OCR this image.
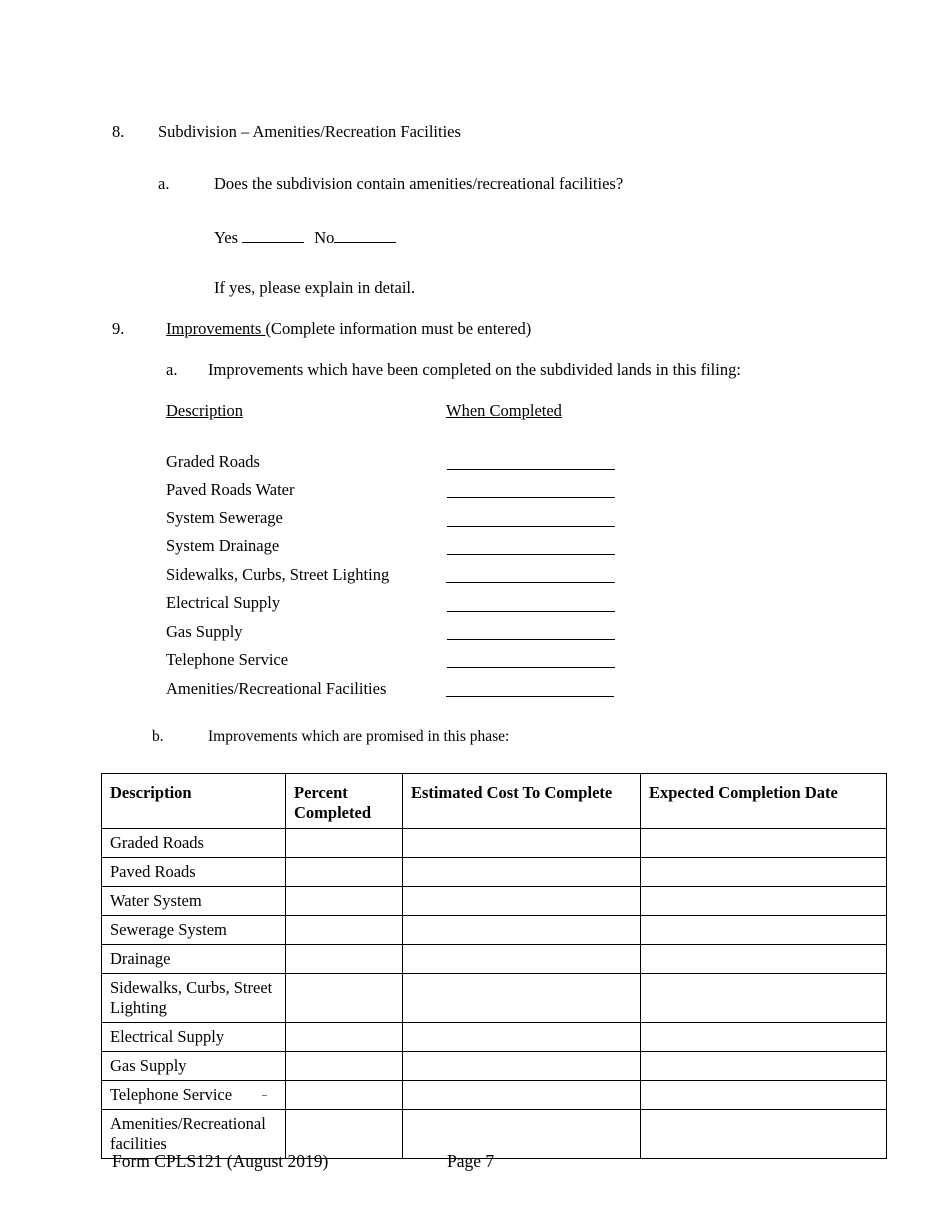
8. Subdivision – Amenities/Recreation Facilities
a.	Does the subdivision contain amenities/recreational facilities?
Yes	No
If yes, please explain in detail.
9.	Improvements (Complete information must be entered)
a. Improvements which have been completed on the subdivided lands in this filing:
Description	When Completed
Graded Roads
Paved Roads Water
System Sewerage
System Drainage
Sidewalks, Curbs, Street Lighting
Electrical Supply
Gas Supply
Telephone Service
Amenities/Recreational Facilities
b.	Improvements which are promised in this phase:
Description	Percent Completed	Estimated Cost To Complete	Expected Completion Date
Graded Roads			
Paved Roads			
Water System			
Sewerage System			
Drainage			
Sidewalks, Curbs, Street Lighting			
Electrical Supply			
Gas Supply			
Telephone Service			
Amenities/Recreational facilities			
_
Form CPLS121 (August 2019)	Page 7
